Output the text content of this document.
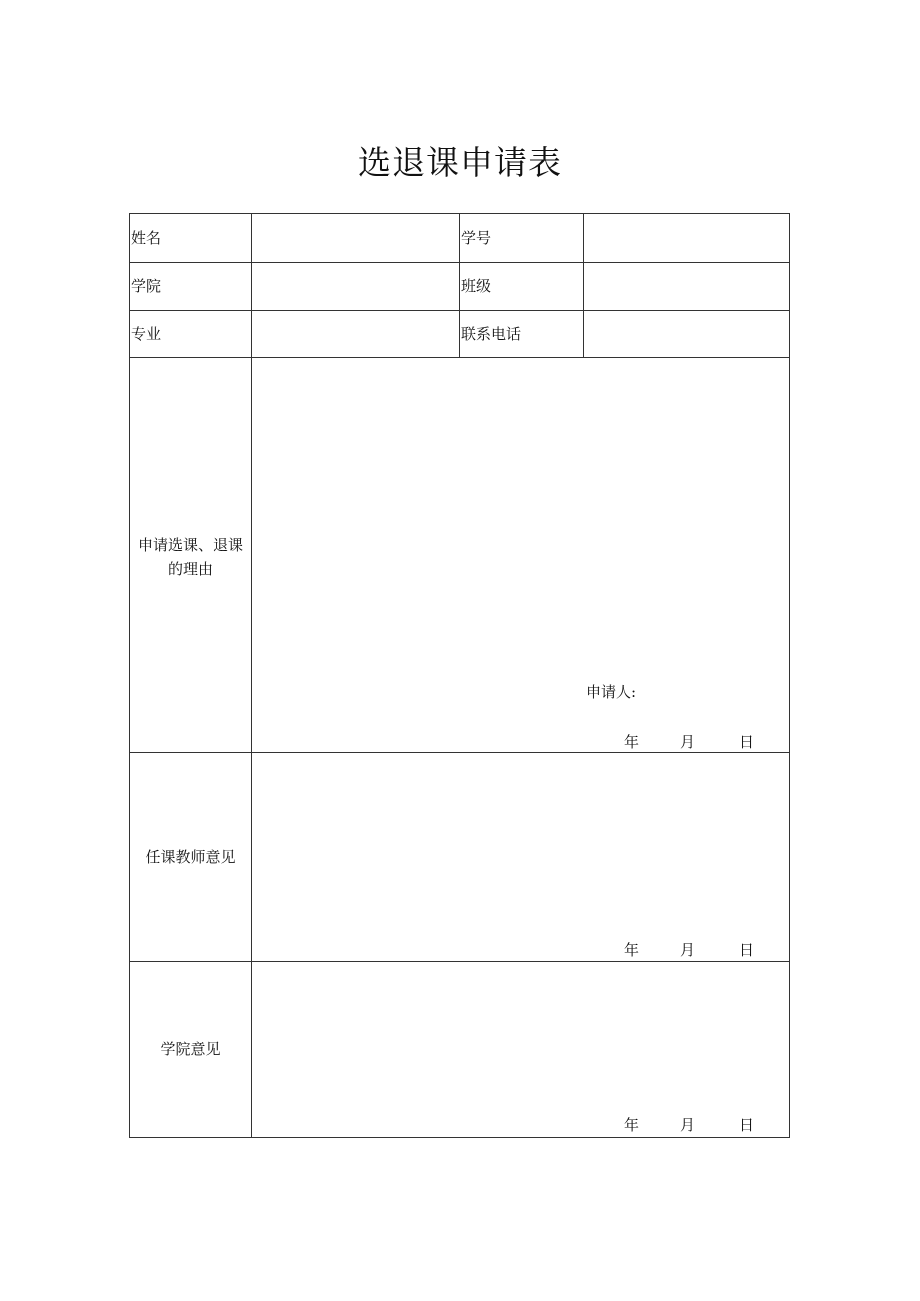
选退课申请表
姓名	学号
学院	班级
专业	联系电话
申请选课、退课
的理由
申请人:
年	月	日
任课教师意见
年	月	日
学院意见
年	月	日
